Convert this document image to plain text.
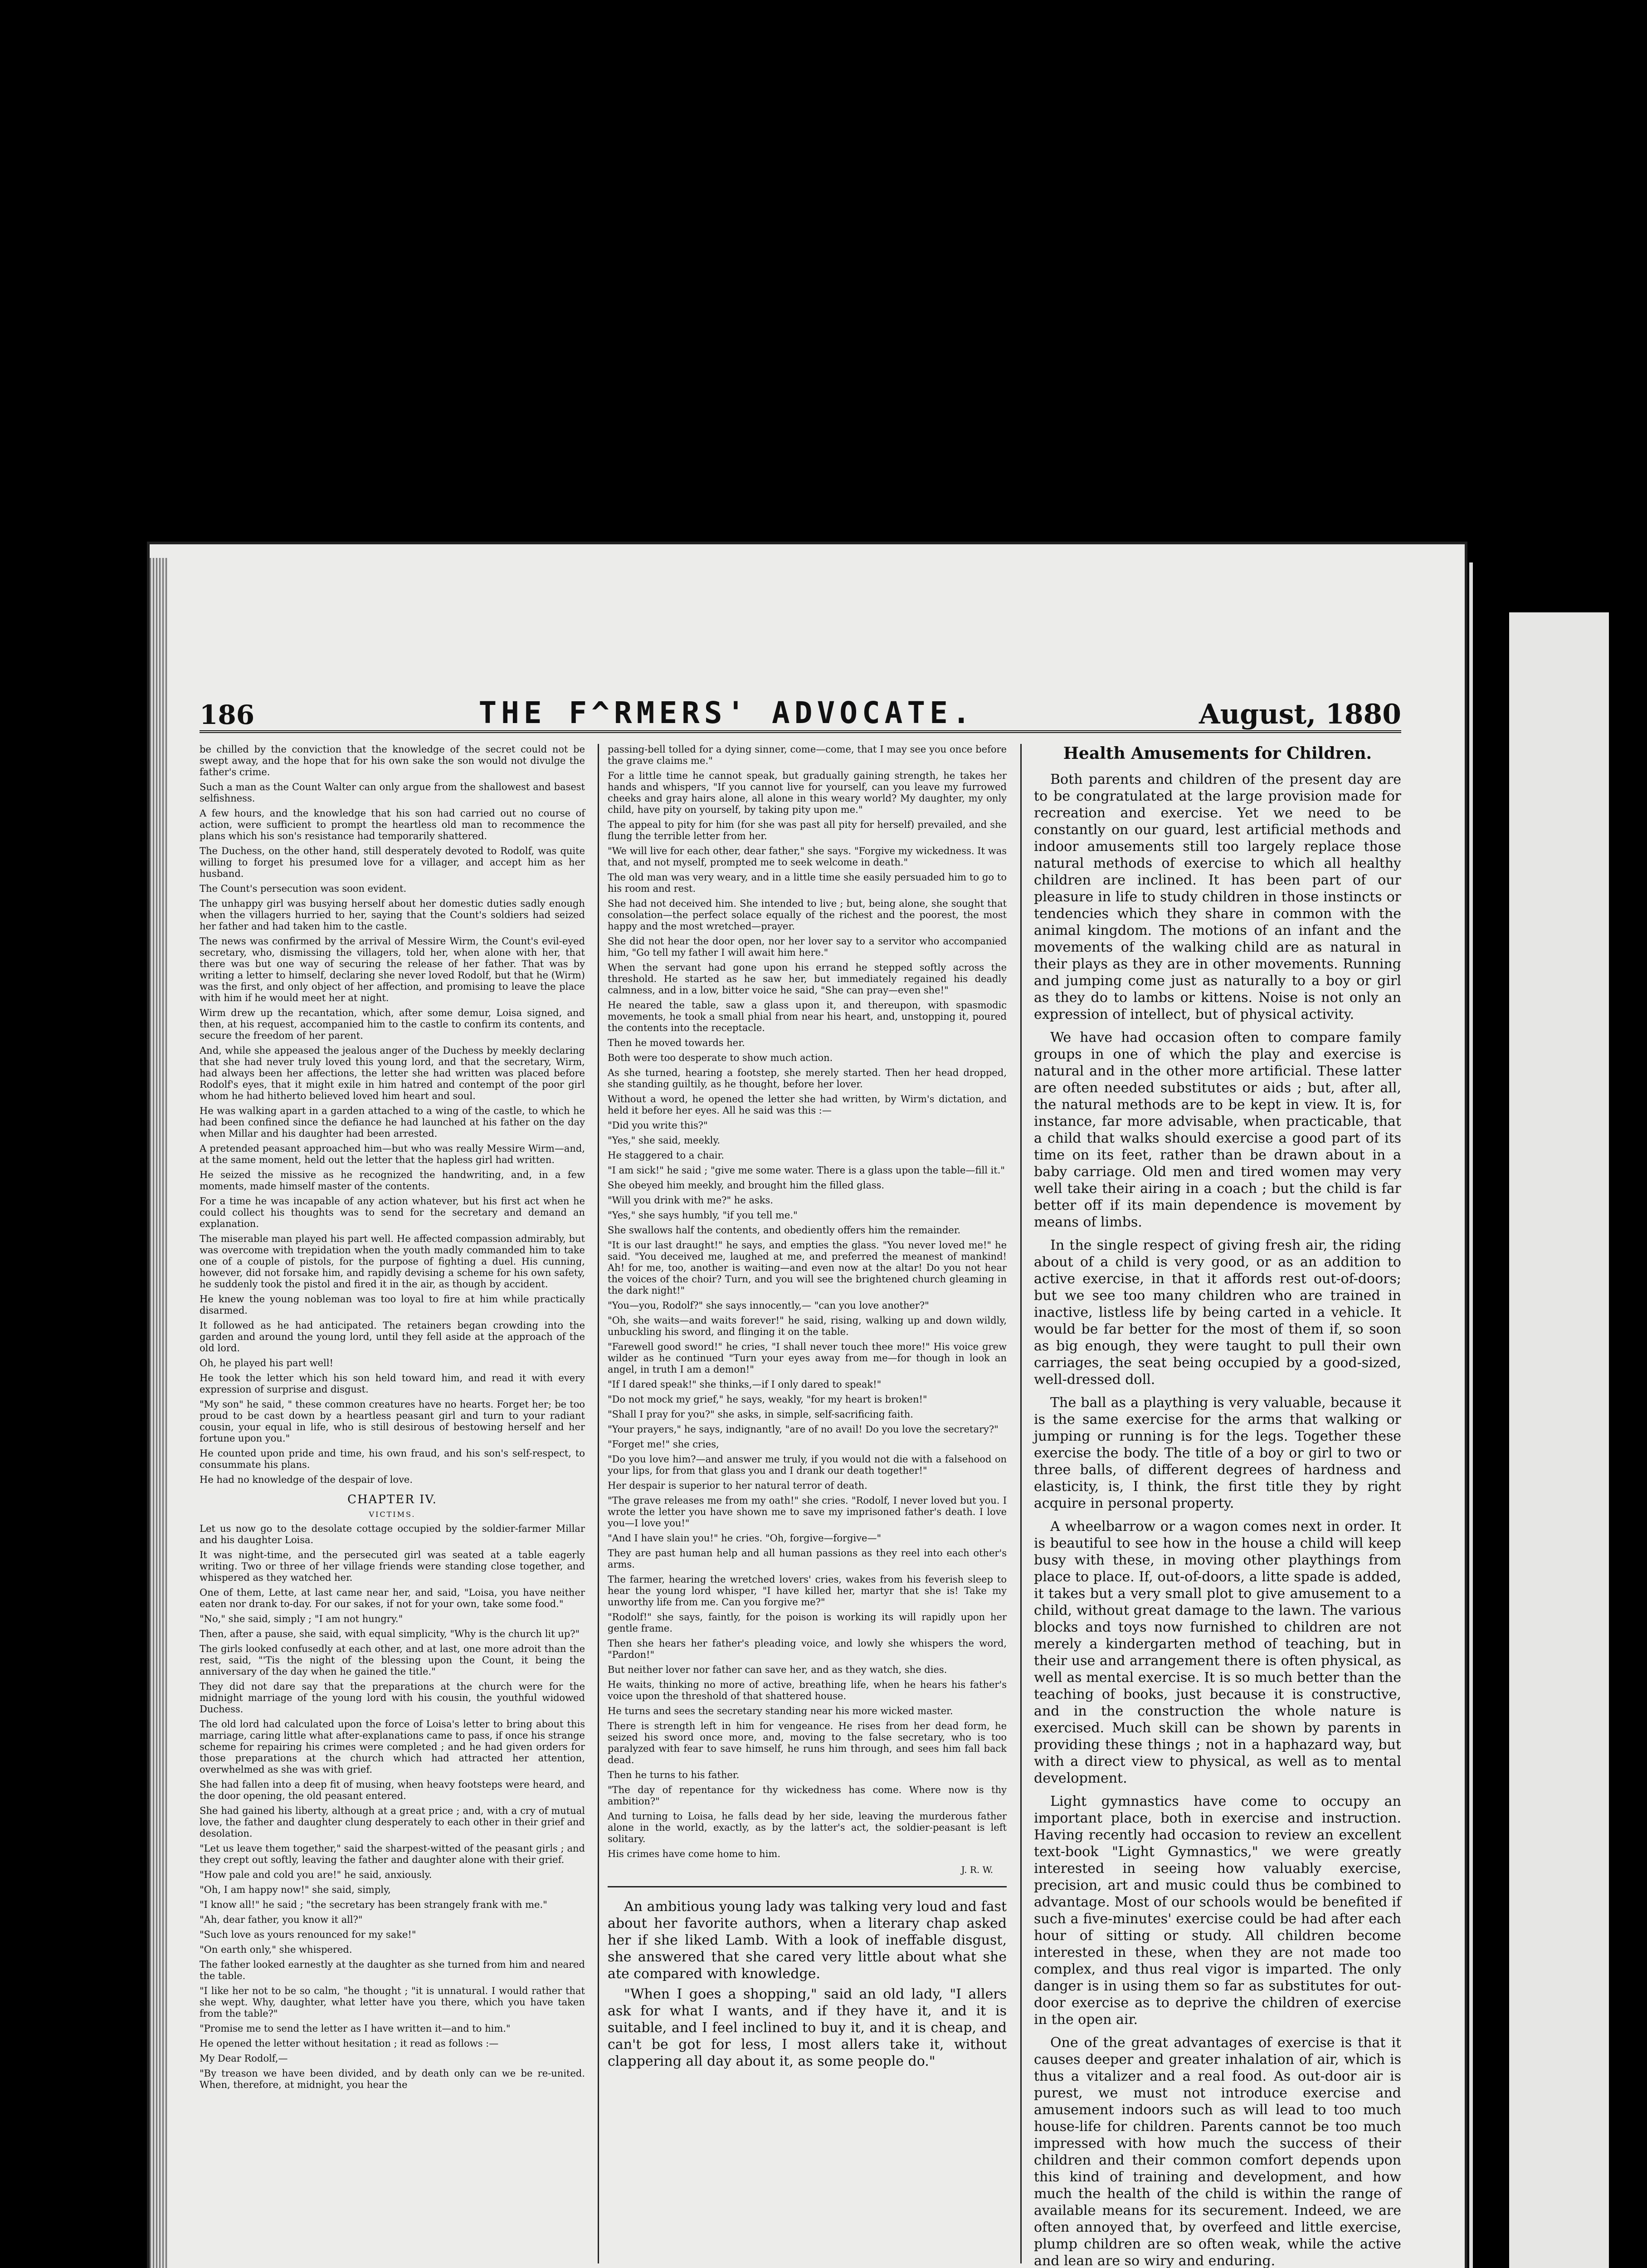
186	THE F^RMERS' ADVOCATE.	August, 1880

be chilled by the conviction that the knowledge of the secret could not be swept away, and the hope that for his own sake the son would not divulge the father's crime.

Such a man as the Count Walter can only argue from the shallowest and basest selfishness.

A few hours, and the knowledge that his son had carried out no course of action, were sufficient to prompt the heartless old man to recommence the plans which his son's resistance had temporarily shattered.

The Duchess, on the other hand, still desperately devoted to Rodolf, was quite willing to forget his presumed love for a villager, and accept him as her husband.

The Count's persecution was soon evident.

The unhappy girl was busying herself about her domestic duties sadly enough when the villagers hurried to her, saying that the Count's soldiers had seized her father and had taken him to the castle.

The news was confirmed by the arrival of Messire Wirm, the Count's evil-eyed secretary, who, dismissing the villagers, told her, when alone with her, that there was but one way of securing the release of her father. That was by writing a letter to himself, declaring she never loved Rodolf, but that he (Wirm) was the first, and only object of her affection, and promising to leave the place with him if he would meet her at night.

Wirm drew up the recantation, which, after some demur, Loisa signed, and then, at his request, accompanied him to the castle to confirm its contents, and secure the freedom of her parent.

And, while she appeased the jealous anger of the Duchess by meekly declaring that she had never truly loved this young lord, and that the secretary, Wirm, had always been her affections, the letter she had written was placed before Rodolf's eyes, that it might exile in him hatred and contempt of the poor girl whom he had hitherto believed loved him heart and soul.

He was walking apart in a garden attached to a wing of the castle, to which he had been confined since the defiance he had launched at his father on the day when Millar and his daughter had been arrested.

A pretended peasant approached him—but who was really Messire Wirm—and, at the same moment, held out the letter that the hapless girl had written.

He seized the missive as he recognized the handwriting, and, in a few moments, made himself master of the contents.

For a time he was incapable of any action whatever, but his first act when he could collect his thoughts was to send for the secretary and demand an explanation.

The miserable man played his part well. He affected compassion admirably, but was overcome with trepidation when the youth madly commanded him to take one of a couple of pistols, for the purpose of fighting a duel. His cunning, however, did not forsake him, and rapidly devising a scheme for his own safety, he suddenly took the pistol and fired it in the air, as though by accident.

He knew the young nobleman was too loyal to fire at him while practically disarmed.

It followed as he had anticipated. The retainers began crowding into the garden and around the young lord, until they fell aside at the approach of the old lord.

Oh, he played his part well!

He took the letter which his son held toward him, and read it with every expression of surprise and disgust.

"My son" he said, " these common creatures have no hearts. Forget her; be too proud to be cast down by a heartless peasant girl and turn to your radiant cousin, your equal in life, who is still desirous of bestowing herself and her fortune upon you."

He counted upon pride and time, his own fraud, and his son's self-respect, to consummate his plans.

He had no knowledge of the despair of love.

CHAPTER IV.
VICTIMS.

Let us now go to the desolate cottage occupied by the soldier-farmer Millar and his daughter Loisa.

It was night-time, and the persecuted girl was seated at a table eagerly writing. Two or three of her village friends were standing close together, and whispered as they watched her.

One of them, Lette, at last came near her, and said, "Loisa, you have neither eaten nor drank to-day. For our sakes, if not for your own, take some food."

"No," she said, simply ; "I am not hungry."

Then, after a pause, she said, with equal simplicity, "Why is the church lit up?"

The girls looked confusedly at each other, and at last, one more adroit than the rest, said, "'Tis the night of the blessing upon the Count, it being the anniversary of the day when he gained the title."

They did not dare say that the preparations at the church were for the midnight marriage of the young lord with his cousin, the youthful widowed Duchess.

The old lord had calculated upon the force of Loisa's letter to bring about this marriage, caring little what after-explanations came to pass, if once his strange scheme for repairing his crimes were completed ; and he had given orders for those preparations at the church which had attracted her attention, overwhelmed as she was with grief.

She had fallen into a deep fit of musing, when heavy footsteps were heard, and the door opening, the old peasant entered.

She had gained his liberty, although at a great price ; and, with a cry of mutual love, the father and daughter clung desperately to each other in their grief and desolation.

"Let us leave them together," said the sharpest-witted of the peasant girls ; and they crept out softly, leaving the father and daughter alone with their grief.

"How pale and cold you are!" he said, anxiously.

"Oh, I am happy now!" she said, simply,

"I know all!" he said ; "the secretary has been strangely frank with me."

"Ah, dear father, you know it all?"

"Such love as yours renounced for my sake!"

"On earth only," she whispered.

The father looked earnestly at the daughter as she turned from him and neared the table.

"I like her not to be so calm, "he thought ; "it is unnatural. I would rather that she wept. Why, daughter, what letter have you there, which you have taken from the table?"

"Promise me to send the letter as I have written it—and to him."

He opened the letter without hesitation ; it read as follows :—

My Dear Rodolf,—

"By treason we have been divided, and by death only can we be re-united. When, therefore, at midnight, you hear the

passing-bell tolled for a dying sinner, come—come, that I may see you once before the grave claims me."

For a little time he cannot speak, but gradually gaining strength, he takes her hands and whispers, "If you cannot live for yourself, can you leave my furrowed cheeks and gray hairs alone, all alone in this weary world? My daughter, my only child, have pity on yourself, by taking pity upon me."

The appeal to pity for him (for she was past all pity for herself) prevailed, and she flung the terrible letter from her.

"We will live for each other, dear father," she says. "Forgive my wickedness. It was that, and not myself, prompted me to seek welcome in death."

The old man was very weary, and in a little time she easily persuaded him to go to his room and rest.

She had not deceived him. She intended to live ; but, being alone, she sought that consolation—the perfect solace equally of the richest and the poorest, the most happy and the most wretched—prayer.

She did not hear the door open, nor her lover say to a servitor who accompanied him, "Go tell my father I will await him here."

When the servant had gone upon his errand he stepped softly across the threshold. He started as he saw her, but immediately regained his deadly calmness, and in a low, bitter voice he said, "She can pray—even she!"

He neared the table, saw a glass upon it, and thereupon, with spasmodic movements, he took a small phial from near his heart, and, unstopping it, poured the contents into the receptacle.

Then he moved towards her.

Both were too desperate to show much action.

As she turned, hearing a footstep, she merely started. Then her head dropped, she standing guiltily, as he thought, before her lover.

Without a word, he opened the letter she had written, by Wirm's dictation, and held it before her eyes. All he said was this :—

"Did you write this?"

"Yes," she said, meekly.

He staggered to a chair.

"I am sick!" he said ; "give me some water. There is a glass upon the table—fill it."

She obeyed him meekly, and brought him the filled glass.

"Will you drink with me?" he asks.

"Yes," she says humbly, "if you tell me."

She swallows half the contents, and obediently offers him the remainder.

"It is our last draught!" he says, and empties the glass. "You never loved me!" he said. "You deceived me, laughed at me, and preferred the meanest of mankind! Ah! for me, too, another is waiting—and even now at the altar! Do you not hear the voices of the choir? Turn, and you will see the brightened church gleaming in the dark night!"

"You—you, Rodolf?" she says innocently,— "can you love another?"

"Oh, she waits—and waits forever!" he said, rising, walking up and down wildly, unbuckling his sword, and flinging it on the table.

"Farewell good sword!" he cries, "I shall never touch thee more!" His voice grew wilder as he continued "Turn your eyes away from me—for though in look an angel, in truth I am a demon!"

"If I dared speak!" she thinks,—if I only dared to speak!"

"Do not mock my grief," he says, weakly, "for my heart is broken!"

"Shall I pray for you?" she asks, in simple, self-sacrificing faith.

"Your prayers," he says, indignantly, "are of no avail! Do you love the secretary?"

"Forget me!" she cries,

"Do you love him?—and answer me truly, if you would not die with a falsehood on your lips, for from that glass you and I drank our death together!"

Her despair is superior to her natural terror of death.

"The grave releases me from my oath!" she cries. "Rodolf, I never loved but you. I wrote the letter you have shown me to save my imprisoned father's death. I love you—I love you!"

"And I have slain you!" he cries. "Oh, forgive—forgive—"

They are past human help and all human passions as they reel into each other's arms.

The farmer, hearing the wretched lovers' cries, wakes from his feverish sleep to hear the young lord whisper, "I have killed her, martyr that she is! Take my unworthy life from me. Can you forgive me?"

"Rodolf!" she says, faintly, for the poison is working its will rapidly upon her gentle frame.

Then she hears her father's pleading voice, and lowly she whispers the word, "Pardon!"

But neither lover nor father can save her, and as they watch, she dies.

He waits, thinking no more of active, breathing life, when he hears his father's voice upon the threshold of that shattered house.

He turns and sees the secretary standing near his more wicked master.

There is strength left in him for vengeance. He rises from her dead form, he seized his sword once more, and, moving to the false secretary, who is too paralyzed with fear to save himself, he runs him through, and sees him fall back dead.

Then he turns to his father.

"The day of repentance for thy wickedness has come. Where now is thy ambition?"

And turning to Loisa, he falls dead by her side, leaving the murderous father alone in the world, exactly, as by the latter's act, the soldier-peasant is left solitary.

His crimes have come home to him.

J. R. W.

An ambitious young lady was talking very loud and fast about her favorite authors, when a literary chap asked her if she liked Lamb. With a look of ineffable disgust, she answered that she cared very little about what she ate compared with knowledge.

"When I goes a shopping," said an old lady, "I allers ask for what I wants, and if they have it, and it is suitable, and I feel inclined to buy it, and it is cheap, and can't be got for less, I most allers take it, without clappering all day about it, as some people do."

Health Amusements for Children.

Both parents and children of the present day are to be congratulated at the large provision made for recreation and exercise. Yet we need to be constantly on our guard, lest artificial methods and indoor amusements still too largely replace those natural methods of exercise to which all healthy children are inclined. It has been part of our pleasure in life to study children in those instincts or tendencies which they share in common with the animal kingdom. The motions of an infant and the movements of the walking child are as natural in their plays as they are in other movements. Running and jumping come just as naturally to a boy or girl as they do to lambs or kittens. Noise is not only an expression of intellect, but of physical activity.

We have had occasion often to compare family groups in one of which the play and exercise is natural and in the other more artificial. These latter are often needed substitutes or aids ; but, after all, the natural methods are to be kept in view. It is, for instance, far more advisable, when practicable, that a child that walks should exercise a good part of its time on its feet, rather than be drawn about in a baby carriage. Old men and tired women may very well take their airing in a coach ; but the child is far better off if its main dependence is movement by means of limbs.

In the single respect of giving fresh air, the riding about of a child is very good, or as an addition to active exercise, in that it affords rest out-of-doors; but we see too many children who are trained in inactive, listless life by being carted in a vehicle. It would be far better for the most of them if, so soon as big enough, they were taught to pull their own carriages, the seat being occupied by a good-sized, well-dressed doll.

The ball as a plaything is very valuable, because it is the same exercise for the arms that walking or jumping or running is for the legs. Together these exercise the body. The title of a boy or girl to two or three balls, of different degrees of hardness and elasticity, is, I think, the first title they by right acquire in personal property.

A wheelbarrow or a wagon comes next in order. It is beautiful to see how in the house a child will keep busy with these, in moving other playthings from place to place. If, out-of-doors, a litte spade is added, it takes but a very small plot to give amusement to a child, without great damage to the lawn. The various blocks and toys now furnished to children are not merely a kindergarten method of teaching, but in their use and arrangement there is often physical, as well as mental exercise. It is so much better than the teaching of books, just because it is constructive, and in the construction the whole nature is exercised. Much skill can be shown by parents in providing these things ; not in a haphazard way, but with a direct view to physical, as well as to mental development.

Light gymnastics have come to occupy an important place, both in exercise and instruction. Having recently had occasion to review an excellent text-book "Light Gymnastics," we were greatly interested in seeing how valuably exercise, precision, art and music could thus be combined to advantage. Most of our schools would be benefited if such a five-minutes' exercise could be had after each hour of sitting or study. All children become interested in these, when they are not made too complex, and thus real vigor is imparted. The only danger is in using them so far as substitutes for out-door exercise as to deprive the children of exercise in the open air.

One of the great advantages of exercise is that it causes deeper and greater inhalation of air, which is thus a vitalizer and a real food. As out-door air is purest, we must not introduce exercise and amusement indoors such as will lead to too much house-life for children. Parents cannot be too much impressed with how much the success of their children and their common comfort depends upon this kind of training and development, and how much the health of the child is within the range of available means for its securement. Indeed, we are often annoyed that, by overfeed and little exercise, plump children are so often weak, while the active and lean are so wiry and enduring.
